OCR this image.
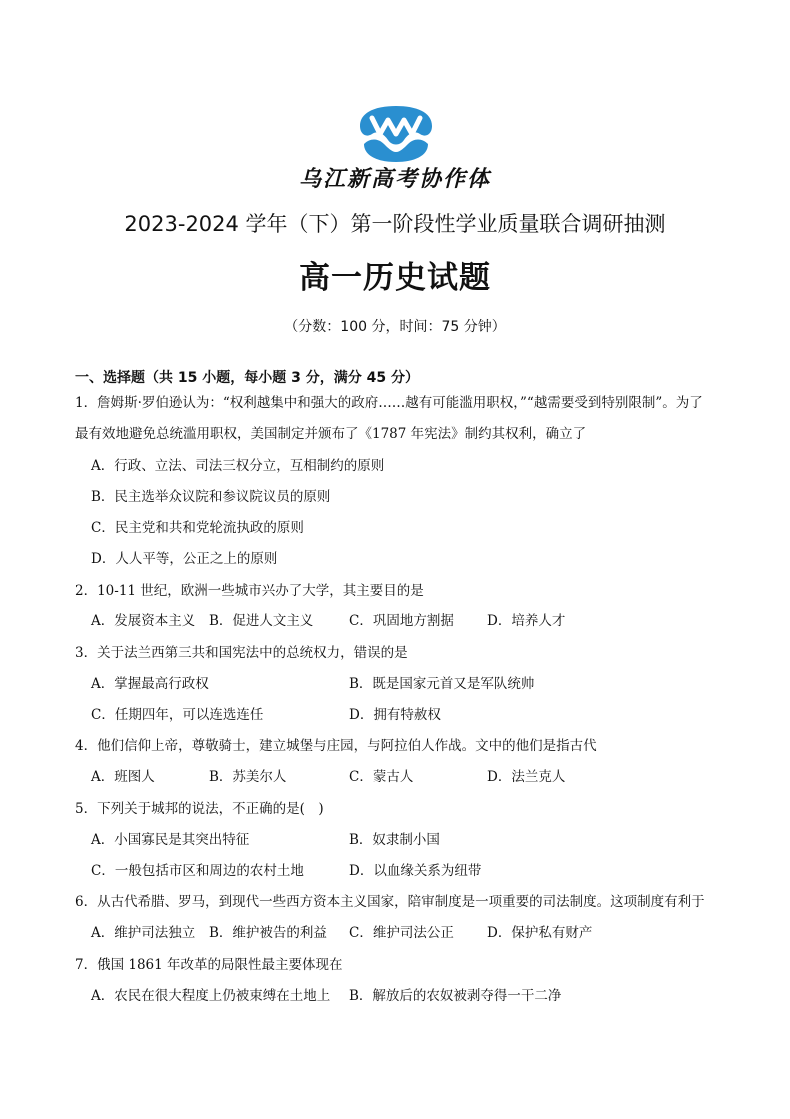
乌江新高考协作体
2023-2024 学年（下）第一阶段性学业质量联合调研抽测
高一历史试题
（分数：100 分，时间：75 分钟）
一、选择题（共 15 小题，每小题 3 分，满分 45 分）
1．詹姆斯·罗伯逊认为：“权利越集中和强大的政府……越有可能滥用职权，”“越需要受到特别限制”。为了
最有效地避免总统滥用职权，美国制定并颁布了《1787 年宪法》制约其权利，确立了
A．行政、立法、司法三权分立，互相制约的原则
B．民主选举众议院和参议院议员的原则
C．民主党和共和党轮流执政的原则
D．人人平等，公正之上的原则
2．10-11 世纪，欧洲一些城市兴办了大学，其主要目的是
A．发展资本主义 B．促进人文主义	C．巩固地方割据 D．培养人才
3．关于法兰西第三共和国宪法中的总统权力，错误的是
A．掌握最高行政权	B．既是国家元首又是军队统帅
C．任期四年，可以连选连任	D．拥有特赦权
4．他们信仰上帝，尊敬骑士，建立城堡与庄园，与阿拉伯人作战。文中的他们是指古代
A．班图人	B．苏美尔人	C．蒙古人	D．法兰克人
5．下列关于城邦的说法，不正确的是(　)
A．小国寡民是其突出特征	B．奴隶制小国
C．一般包括市区和周边的农村土地	D．以血缘关系为纽带
6．从古代希腊、罗马，到现代一些西方资本主义国家，陪审制度是一项重要的司法制度。这项制度有利于
A．维护司法独立 B．维护被告的利益 C．维护司法公正 D．保护私有财产
7．俄国 1861 年改革的局限性最主要体现在
A．农民在很大程度上仍被束缚在土地上 B．解放后的农奴被剥夺得一干二净
